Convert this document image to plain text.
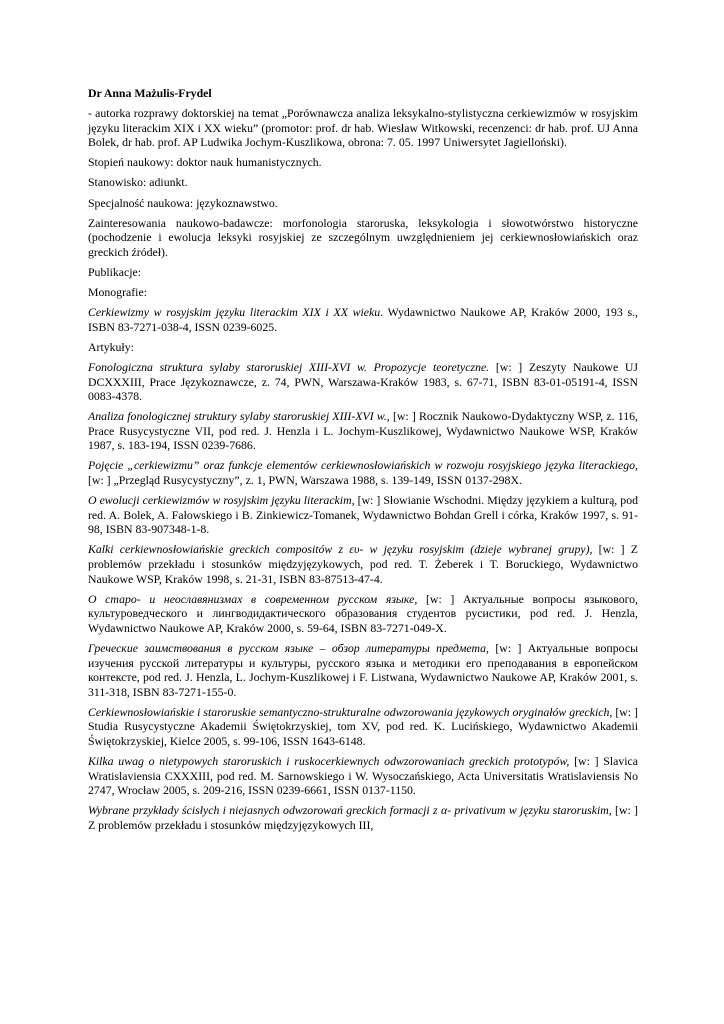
Dr Anna Mażulis-Frydel

- autorka rozprawy doktorskiej na temat „Porównawcza analiza leksykalno-stylistyczna cerkiewizmów w rosyjskim języku literackim XIX i XX wieku” (promotor: prof. dr hab. Wiesław Witkowski, recenzenci: dr hab. prof. UJ Anna Bolek, dr hab. prof. AP Ludwika Jochym-Kuszlikowa, obrona: 7. 05. 1997 Uniwersytet Jagielloński).

Stopień naukowy: doktor nauk humanistycznych.

Stanowisko: adiunkt.

Specjalność naukowa: językoznawstwo.

Zainteresowania naukowo-badawcze: morfonologia staroruska, leksykologia i słowotwórstwo historyczne (pochodzenie i ewolucja leksyki rosyjskiej ze szczególnym uwzględnieniem jej cerkiewnosłowiańskich oraz greckich źródeł).

Publikacje:

Monografie:

Cerkiewizmy w rosyjskim języku literackim XIX i XX wieku. Wydawnictwo Naukowe AP, Kraków 2000, 193 s., ISBN 83-7271-038-4, ISSN 0239-6025.

Artykuły:

Fonologiczna struktura sylaby staroruskiej XIII-XVI w. Propozycje teoretyczne. [w: ] Zeszyty Naukowe UJ DCXXXIII, Prace Językoznawcze, z. 74, PWN, Warszawa-Kraków 1983, s. 67-71, ISBN 83-01-05191-4, ISSN 0083-4378.

Analiza fonologicznej struktury sylaby staroruskiej XIII-XVI w., [w: ] Rocznik Naukowo-Dydaktyczny WSP, z. 116, Prace Rusycystyczne VII, pod red. J. Henzla i L. Jochym-Kuszlikowej, Wydawnictwo Naukowe WSP, Kraków 1987, s. 183-194, ISSN 0239-7686.

Pojęcie „cerkiewizmu” oraz funkcje elementów cerkiewnosłowiańskich w rozwoju rosyjskiego języka literackiego, [w: ] „Przegląd Rusycystyczny”, z. 1, PWN, Warszawa 1988, s. 139-149, ISSN 0137-298X.

O ewolucji cerkiewizmów w rosyjskim języku literackim, [w: ] Słowianie Wschodni. Między językiem a kulturą, pod red. A. Bolek, A. Fałowskiego i B. Zinkiewicz-Tomanek, Wydawnictwo Bohdan Grell i córka, Kraków 1997, s. 91-98, ISBN 83-907348-1-8.

Kalki cerkiewnosłowiańskie greckich compositów z ευ- w języku rosyjskim (dzieje wybranej grupy), [w: ] Z problemów przekładu i stosunków międzyjęzykowych, pod red. T. Żeberek i T. Boruckiego, Wydawnictwo Naukowe WSP, Kraków 1998, s. 21-31, ISBN 83-87513-47-4.

О старо- и неославянизмах в современном русском языке, [w: ] Актуальные вопросы языкового, культуроведческого и лингводидактического образования студентов русистики, pod red. J. Henzla, Wydawnictwo Naukowe AP, Kraków 2000, s. 59-64, ISBN 83-7271-049-X.

Греческие заимствования в русском языке – обзор литературы предмета, [w: ] Актуальные вопросы изучения русской литературы и культуры, русского языка и методики его преподавания в европейском контексте, pod red. J. Henzla, L. Jochym-Kuszlikowej i F. Listwana, Wydawnictwo Naukowe AP, Kraków 2001, s. 311-318, ISBN 83-7271-155-0.

Cerkiewnosłowiańskie i staroruskie semantyczno-strukturalne odwzorowania językowych oryginałów greckich, [w: ] Studia Rusycystyczne Akademii Świętokrzyskiej, tom XV, pod red. K. Lucińskiego, Wydawnictwo Akademii Świętokrzyskiej, Kielce 2005, s. 99-106, ISSN 1643-6148.

Kilka uwag o nietypowych staroruskich i ruskocerkiewnych odwzorowaniach greckich prototypów, [w: ] Slavica Wratislaviensia CXXXIII, pod red. M. Sarnowskiego i W. Wysoczańskiego, Acta Universitatis Wratislaviensis No 2747, Wrocław 2005, s. 209-216, ISSN 0239-6661, ISSN 0137-1150.

Wybrane przykłady ścisłych i niejasnych odwzorowań greckich formacji z α- privativum w języku staroruskim, [w: ] Z problemów przekładu i stosunków międzyjęzykowych III,
